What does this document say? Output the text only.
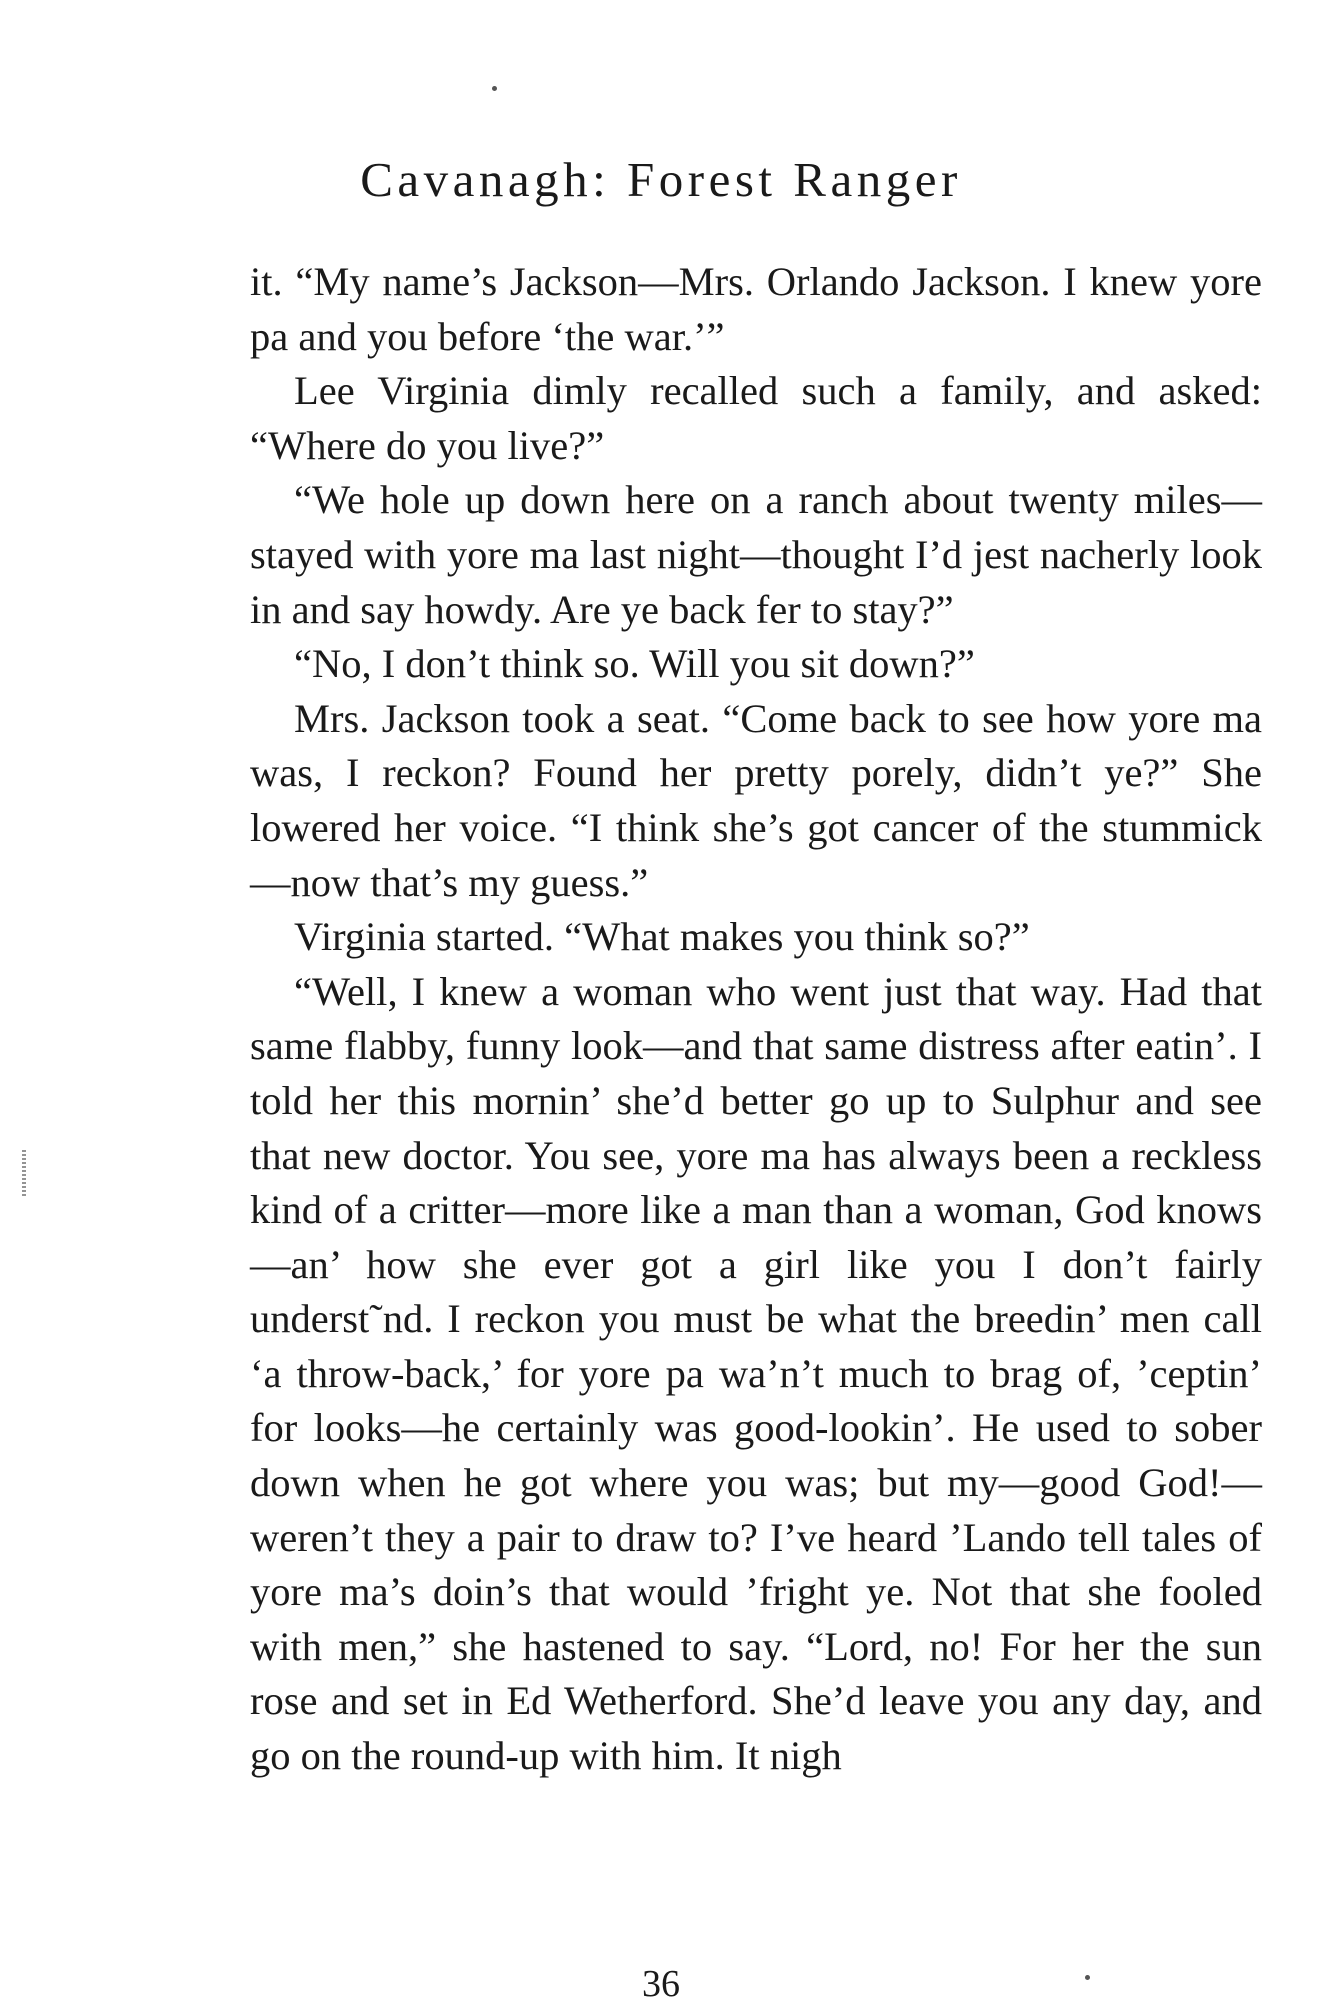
Cavanagh: Forest Ranger

it. “My name’s Jackson—Mrs. Orlando Jackson. I knew yore pa and you before ‘the war.’”

Lee Virginia dimly recalled such a family, and asked: “Where do you live?”

“We hole up down here on a ranch about twenty miles—stayed with yore ma last night—thought I’d jest nacherly look in and say howdy. Are ye back fer to stay?”

“No, I don’t think so. Will you sit down?”

Mrs. Jackson took a seat. “Come back to see how yore ma was, I reckon? Found her pretty porely, didn’t ye?” She lowered her voice. “I think she’s got cancer of the stummick—now that’s my guess.”

Virginia started. “What makes you think so?”

“Well, I knew a woman who went just that way. Had that same flabby, funny look—and that same distress after eatin’. I told her this mornin’ she’d better go up to Sulphur and see that new doctor. You see, yore ma has always been a reckless kind of a critter—more like a man than a woman, God knows—an’ how she ever got a girl like you I don’t fairly underst˜nd. I reckon you must be what the breedin’ men call ‘a throw-back,’ for yore pa wa’n’t much to brag of, ’ceptin’ for looks—he certainly was good-lookin’. He used to sober down when he got where you was; but my—good God!—weren’t they a pair to draw to? I’ve heard ’Lando tell tales of yore ma’s doin’s that would ’fright ye. Not that she fooled with men,” she hastened to say. “Lord, no! For her the sun rose and set in Ed Wetherford. She’d leave you any day, and go on the round-up with him. It nigh

36
